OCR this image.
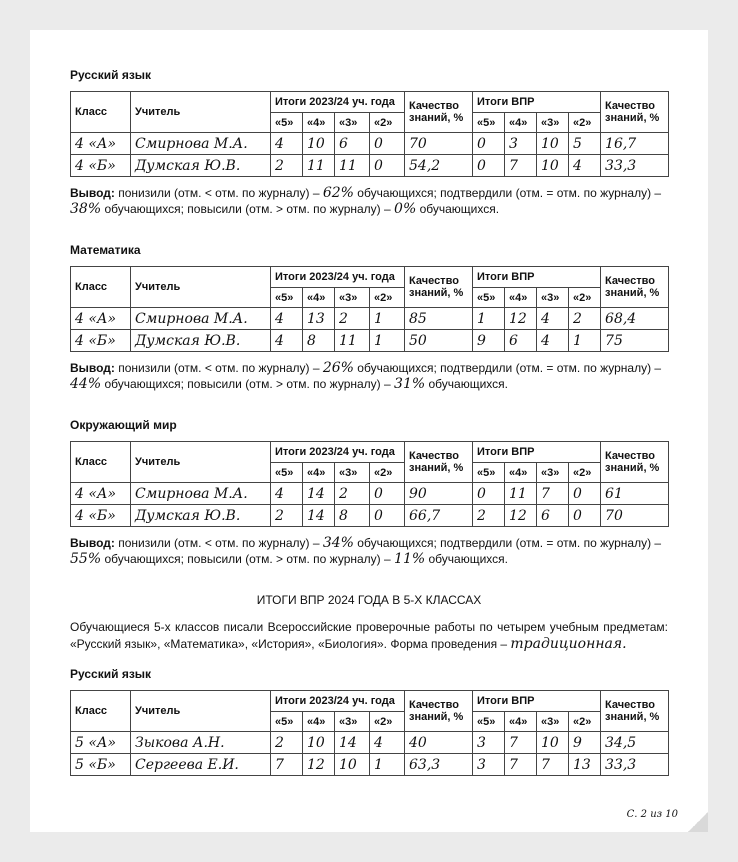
Русский язык
Класс	Учитель	Итоги 2023/24 уч. года				Качество знаний, %	Итоги ВПР				Качество знаний, %
		«5»	«4»	«3»	«2»		«5»	«4»	«3»	«2»	
4 «А»	Смирнова М.А.	4	10	6	0	70	0	3	10	5	16,7
4 «Б»	Думская Ю.В.	2	11	11	0	54,2	0	7	10	4	33,3

Вывод: понизили (отм. < отм. по журналу) – 62% обучающихся; подтвердили (отм. = отм. по журналу) – 38% обучающихся; повысили (отм. > отм. по журналу) – 0% обучающихся.

Математика
Класс	Учитель	Итоги 2023/24 уч. года				Качество знаний, %	Итоги ВПР				Качество знаний, %
		«5»	«4»	«3»	«2»		«5»	«4»	«3»	«2»	
4 «А»	Смирнова М.А.	4	13	2	1	85	1	12	4	2	68,4
4 «Б»	Думская Ю.В.	4	8	11	1	50	9	6	4	1	75

Вывод: понизили (отм. < отм. по журналу) – 26% обучающихся; подтвердили (отм. = отм. по журналу) – 44% обучающихся; повысили (отм. > отм. по журналу) – 31% обучающихся.

Окружающий мир
Класс	Учитель	Итоги 2023/24 уч. года				Качество знаний, %	Итоги ВПР				Качество знаний, %
		«5»	«4»	«3»	«2»		«5»	«4»	«3»	«2»	
4 «А»	Смирнова М.А.	4	14	2	0	90	0	11	7	0	61
4 «Б»	Думская Ю.В.	2	14	8	0	66,7	2	12	6	0	70

Вывод: понизили (отм. < отм. по журналу) – 34% обучающихся; подтвердили (отм. = отм. по журналу) – 55% обучающихся; повысили (отм. > отм. по журналу) – 11% обучающихся.

ИТОГИ ВПР 2024 ГОДА В 5-Х КЛАССАХ

Обучающиеся 5-х классов писали Всероссийские проверочные работы по четырем учебным предметам: «Русский язык», «Математика», «История», «Биология». Форма проведения – традиционная.

Русский язык
Класс	Учитель	Итоги 2023/24 уч. года				Качество знаний, %	Итоги ВПР				Качество знаний, %
		«5»	«4»	«3»	«2»		«5»	«4»	«3»	«2»	
5 «А»	Зыкова А.Н.	2	10	14	4	40	3	7	10	9	34,5
5 «Б»	Сергеева Е.И.	7	12	10	1	63,3	3	7	7	13	33,3
С. 2 из 10
